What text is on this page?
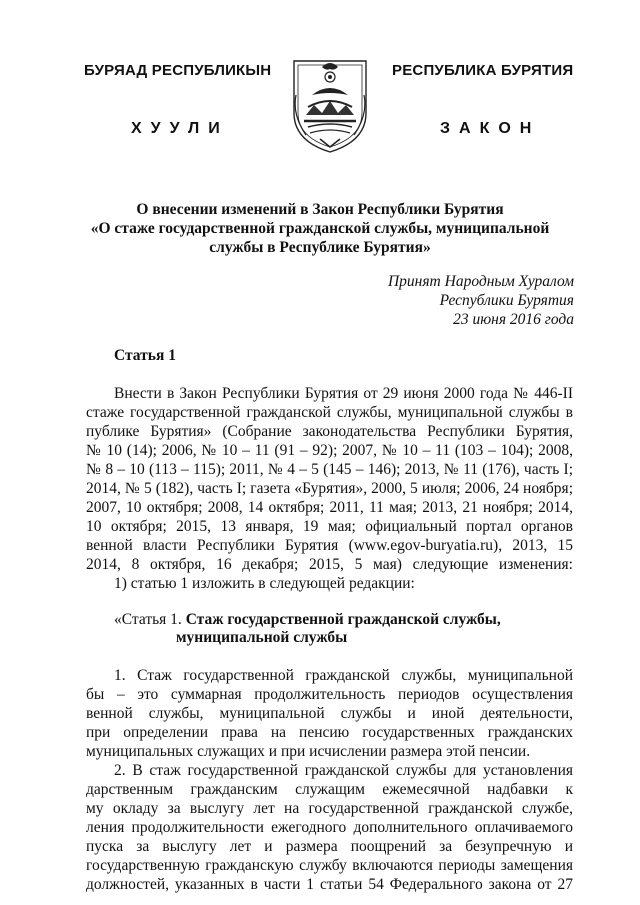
БУРЯАД РЕСПУБЛИКЫН	РЕСПУБЛИКА БУРЯТИЯ
ХУУЛИ	ЗАКОН
О внесении изменений в Закон Республики Бурятия
«О стаже государственной гражданской службы, муниципальной
службы в Республике Бурятия»
Принят Народным Хуралом
Республики Бурятия
23 июня 2016 года
Статья 1
Внести в Закон Республики Бурятия от 29 июня 2000 года № 446-II
стаже государственной гражданской службы, муниципальной службы в
публике Бурятия» (Собрание законодательства Республики Бурятия,
№ 10 (14); 2006, № 10 – 11 (91 – 92); 2007, № 10 – 11 (103 – 104); 2008,
№ 8 – 10 (113 – 115); 2011, № 4 – 5 (145 – 146); 2013, № 11 (176), часть I;
2014, № 5 (182), часть I; газета «Бурятия», 2000, 5 июля; 2006, 24 ноября;
2007, 10 октября; 2008, 14 октября; 2011, 11 мая; 2013, 21 ноября; 2014,
10 октября; 2015, 13 января, 19 мая; официальный портал органов
венной власти Республики Бурятия (www.egov-buryatia.ru), 2013, 15
2014, 8 октября, 16 декабря; 2015, 5 мая) следующие изменения:
1) статью 1 изложить в следующей редакции:
«Статья 1. Стаж государственной гражданской службы,
муниципальной службы
1. Стаж государственной гражданской службы, муниципальной
бы – это суммарная продолжительность периодов осуществления
венной службы, муниципальной службы и иной деятельности,
при определении права на пенсию государственных гражданских
муниципальных служащих и при исчислении размера этой пенсии.
2. В стаж государственной гражданской службы для установления
дарственным гражданским служащим ежемесячной надбавки к
му окладу за выслугу лет на государственной гражданской службе,
ления продолжительности ежегодного дополнительного оплачиваемого
пуска за выслугу лет и размера поощрений за безупречную и
государственную гражданскую службу включаются периоды замещения
должностей, указанных в части 1 статьи 54 Федерального закона от 27
